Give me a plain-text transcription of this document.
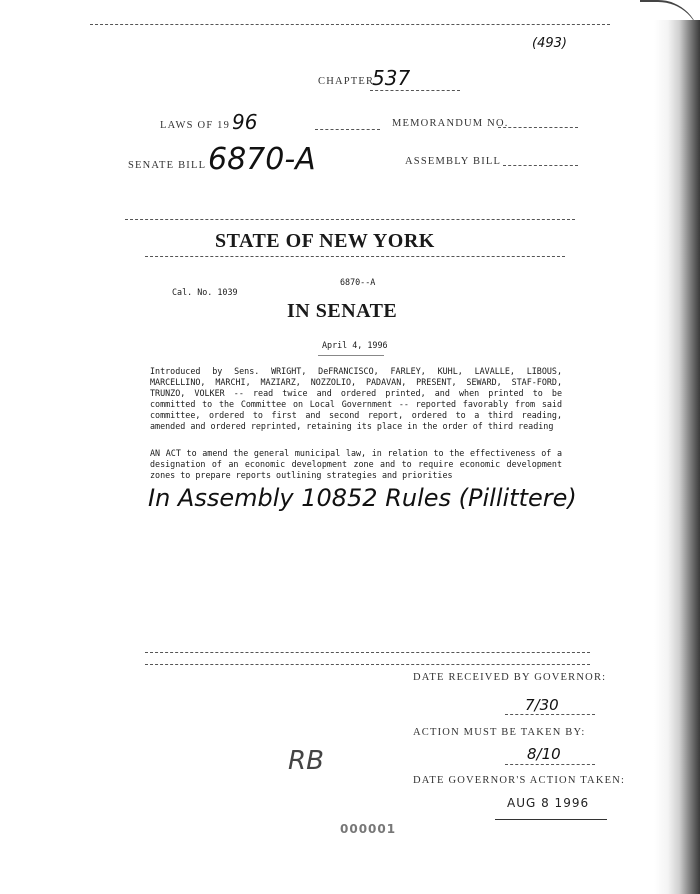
(493)
CHAPTER
537
LAWS OF 19 96	MEMORANDUM NO.
SENATE BILL 6870-A	ASSEMBLY BILL
STATE OF NEW YORK
6870--A
Cal. No. 1039
IN SENATE
April 4, 1996
Introduced by Sens. WRIGHT, DeFRANCISCO, FARLEY, KUHL, LAVALLE, LIBOUS, MARCELLINO, MARCHI, MAZIARZ, NOZZOLIO, PADAVAN, PRESENT, SEWARD, STAF-FORD, TRUNZO, VOLKER -- read twice and ordered printed, and when printed to be committed to the Committee on Local Government -- reported favorably from said committee, ordered to first and second report, ordered to a third reading, amended and ordered reprinted, retaining its place in the order of third reading
AN ACT to amend the general municipal law, in relation to the effectiveness of a designation of an economic development zone and to require economic development zones to prepare reports outlining strategies and priorities
In Assembly 10852 Rules (Pillittere)
DATE RECEIVED BY GOVERNOR:
7/30
ACTION MUST BE TAKEN BY:
8/10
RB
DATE GOVERNOR'S ACTION TAKEN:
AUG 8 1996
000001
